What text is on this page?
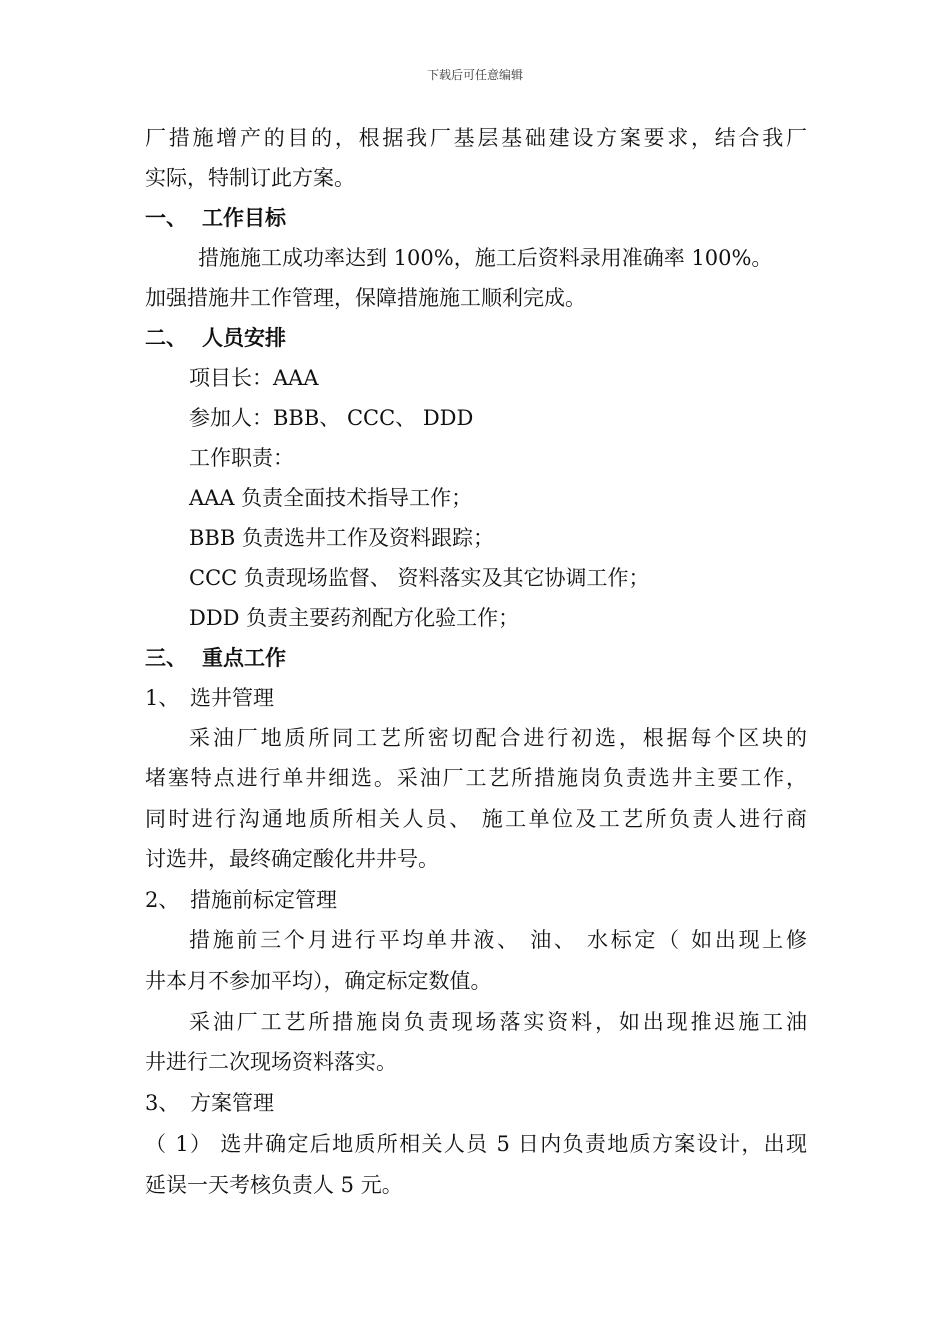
下载后可任意编辑
厂措施增产的目的，根据我厂基层基础建设方案要求，结合我厂
实际，特制订此方案。
一、 工作目标
措施施工成功率达到 100%，施工后资料录用准确率 100%。
加强措施井工作管理，保障措施施工顺利完成。
二、 人员安排
项目长：AAA
参加人：BBB、 CCC、 DDD
工作职责：
AAA 负责全面技术指导工作；
BBB 负责选井工作及资料跟踪；
CCC 负责现场监督、 资料落实及其它协调工作；
DDD 负责主要药剂配方化验工作；
三、 重点工作
1、 选井管理
采油厂地质所同工艺所密切配合进行初选，根据每个区块的
堵塞特点进行单井细选。采油厂工艺所措施岗负责选井主要工作，
同时进行沟通地质所相关人员、 施工单位及工艺所负责人进行商
讨选井，最终确定酸化井井号。
2、 措施前标定管理
措施前三个月进行平均单井液、 油、 水标定（ 如出现上修
井本月不参加平均），确定标定数值。
采油厂工艺所措施岗负责现场落实资料，如出现推迟施工油
井进行二次现场资料落实。
3、 方案管理
（ 1） 选井确定后地质所相关人员 5 日内负责地质方案设计，出现
延误一天考核负责人 5 元。
